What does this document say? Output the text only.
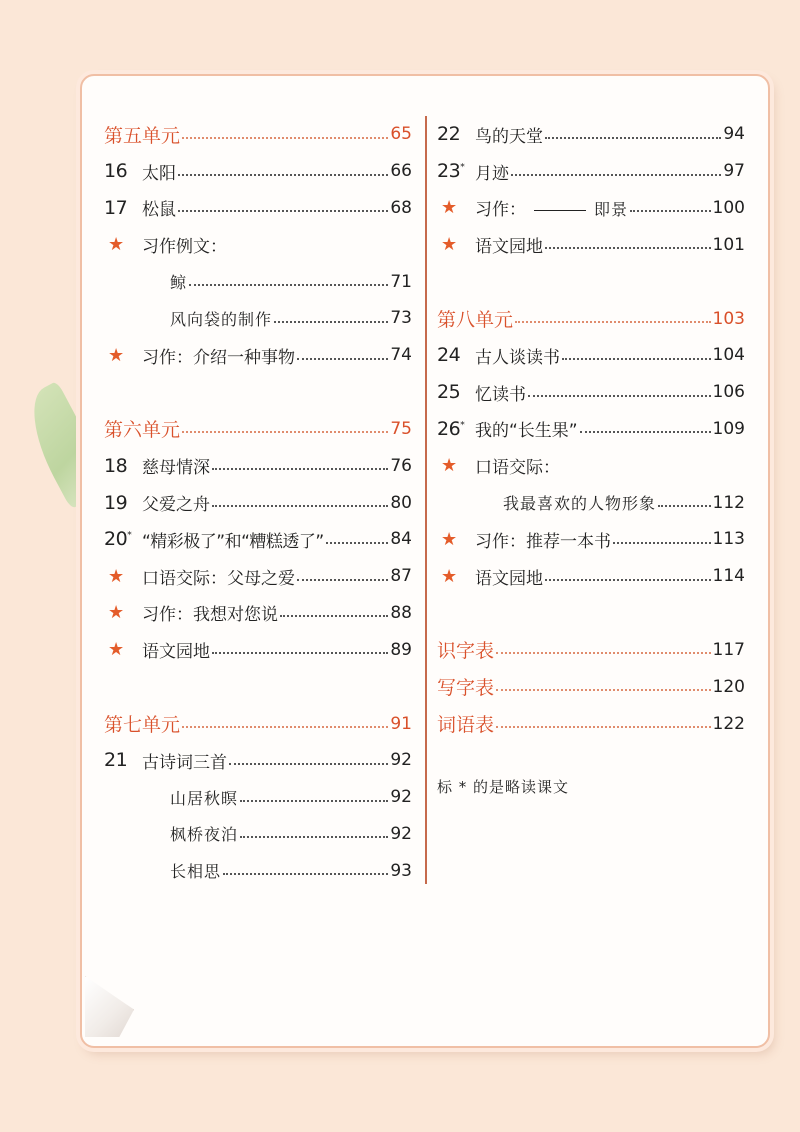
第五单元	65
16 太阳	66
17 松鼠	68
★	习作例文：
鲸	71
风向袋的制作	73
★	习作：介绍一种事物	74
第六单元	75
18 慈母情深	76
19 父爱之舟	80
20* “精彩极了”和“糟糕透了”	84
★	口语交际：父母之爱	87
★	习作：我想对您说	88
★	语文园地	89
第七单元	91
21 古诗词三首	92
山居秋暝	92
枫桥夜泊	92
长相思	93
22 鸟的天堂	94
23* 月迹	97
★	习作：	即景	100
★	语文园地	101
第八单元	103
24 古人谈读书	104
25 忆读书	106
26* 我的“长生果”	109
★	口语交际：
我最喜欢的人物形象	112
★	习作：推荐一本书	113
★	语文园地	114
识字表	117
写字表	120
词语表	122
标 * 的是略读课文
